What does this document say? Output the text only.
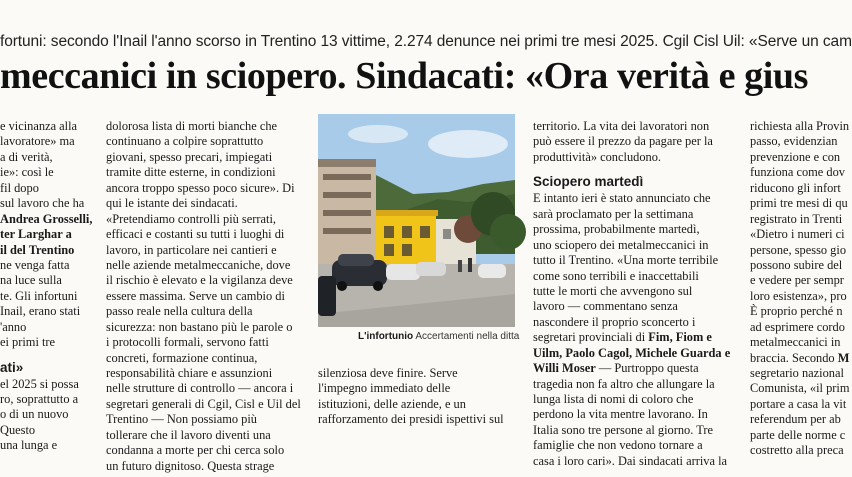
fortuni: secondo l'Inail l'anno scorso in Trentino 13 vittime, 2.274 denunce nei primi tre mesi 2025. Cgil Cisl Uil: «Serve un cam
meccanici in sciopero. Sindacati: «Ora verità e gius
e vicinanza alla
lavoratore» ma
a di verità,
ie»: così le
fil dopo
sul lavoro che ha
Andrea Grosselli,
ter Larghar a
il del Trentino
ne venga fatta
na luce sulla
te. Gli infortuni
Inail, erano stati
'anno
ei primi tre
ati»
el 2025 si possa
ro, soprattutto a
o di un nuovo
Questo
una lunga e
dolorosa lista di morti bianche che
continuano a colpire soprattutto
giovani, spesso precari, impiegati
tramite ditte esterne, in condizioni
ancora troppo spesso poco sicure». Di
qui le istante dei sindacati.
«Pretendiamo controlli più serrati,
efficaci e costanti su tutti i luoghi di
lavoro, in particolare nei cantieri e
nelle aziende metalmeccaniche, dove
il rischio è elevato e la vigilanza deve
essere massima. Serve un cambio di
passo reale nella cultura della
sicurezza: non bastano più le parole o
i protocolli formali, servono fatti
concreti, formazione continua,
responsabilità chiare e assunzioni
nelle strutture di controllo — ancora i
segretari generali di Cgil, Cisl e Uil del
Trentino — Non possiamo più
tollerare che il lavoro diventi una
condanna a morte per chi cerca solo
un futuro dignitoso. Questa strage
L'infortunio Accertamenti nella ditta
silenziosa deve finire. Serve
l'impegno immediato delle
istituzioni, delle aziende, e un
rafforzamento dei presidi ispettivi sul
territorio. La vita dei lavoratori non
può essere il prezzo da pagare per la
produttività» concludono.
Sciopero martedì
E intanto ieri è stato annunciato che
sarà proclamato per la settimana
prossima, probabilmente martedì,
uno sciopero dei metalmeccanici in
tutto il Trentino. «Una morte terribile
come sono terribili e inaccettabili
tutte le morti che avvengono sul
lavoro — commentano senza
nascondere il proprio sconcerto i
segretari provinciali di Fim, Fiom e
Uilm, Paolo Cagol, Michele Guarda e
Willi Moser — Purtroppo questa
tragedia non fa altro che allungare la
lunga lista di nomi di coloro che
perdono la vita mentre lavorano. In
Italia sono tre persone al giorno. Tre
famiglie che non vedono tornare a
casa i loro cari». Dai sindacati arriva la
richiesta alla Provin
passo, evidenzian
prevenzione e con
funziona come dov
riducono gli infort
primi tre mesi di qu
registrato in Trenti
«Dietro i numeri ci
persone, spesso gio
possono subire del
e vedere per sempr
loro esistenza», pro
È proprio perché n
ad esprimere cordo
metalmeccanici in
braccia. Secondo M
segretario nazional
Comunista, «il prim
portare a casa la vit
referendum per ab
parte delle norme c
costretto alla preca
